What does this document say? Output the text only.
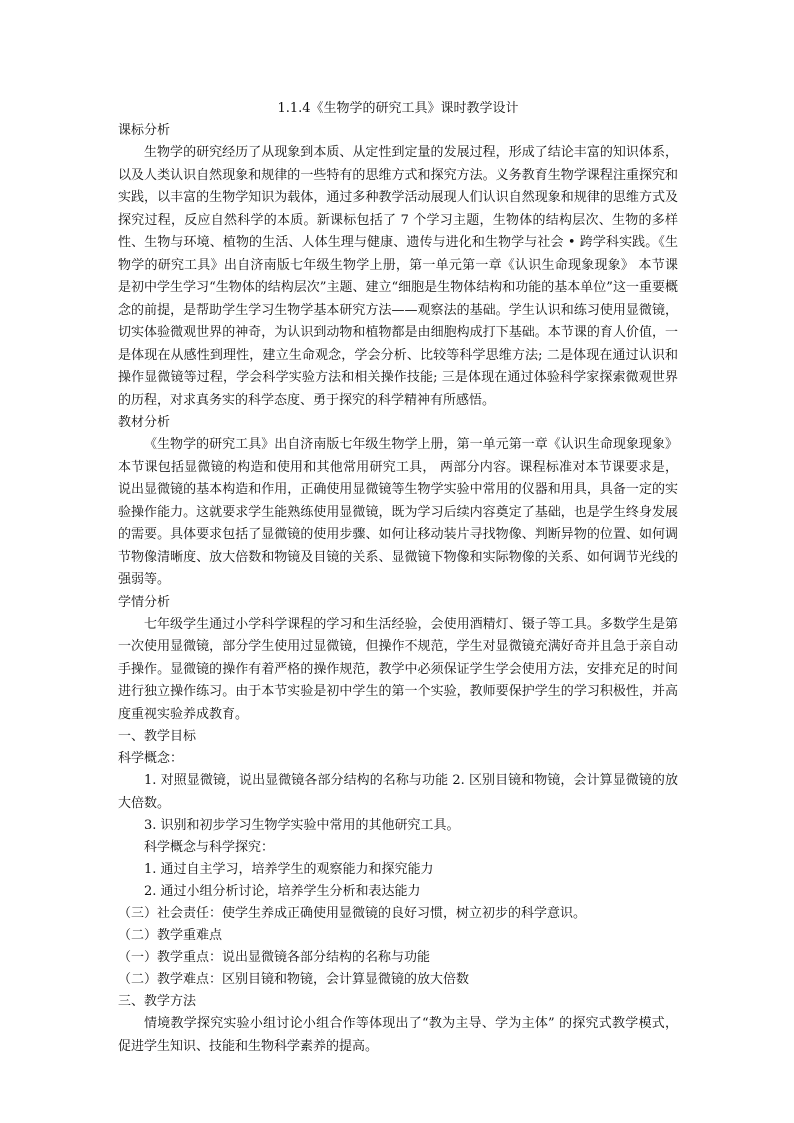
1.1.4《生物学的研究工具》课时教学设计

课标分析

生物学的研究经历了从现象到本质、从定性到定量的发展过程，形成了结论丰富的知识体系，以及人类认识自然现象和规律的一些特有的思维方式和探究方法。义务教育生物学课程注重探究和实践，以丰富的生物学知识为载体，通过多种教学活动展现人们认识自然现象和规律的思维方式及探究过程，反应自然科学的本质。新课标包括了 7 个学习主题，生物体的结构层次、生物的多样性、生物与环境、植物的生活、人体生理与健康、遗传与进化和生物学与社会 • 跨学科实践。《生物学的研究工具》出自济南版七年级生物学上册，第一单元第一章《认识生命现象现象》 本节课是初中学生学习“生物体的结构层次”主题、建立“细胞是生物体结构和功能的基本单位”这一重要概念的前提，是帮助学生学习生物学基本研究方法——观察法的基础。学生认识和练习使用显微镜，切实体验微观世界的神奇，为认识到动物和植物都是由细胞构成打下基础。本节课的育人价值，一是体现在从感性到理性，建立生命观念，学会分析、比较等科学思维方法; 二是体现在通过认识和操作显微镜等过程，学会科学实验方法和相关操作技能; 三是体现在通过体验科学家探索微观世界的历程，对求真务实的科学态度、勇于探究的科学精神有所感悟。

教材分析

《生物学的研究工具》出自济南版七年级生物学上册，第一单元第一章《认识生命现象现象》 本节课包括显微镜的构造和使用和其他常用研究工具， 两部分内容。课程标准对本节课要求是，说出显微镜的基本构造和作用，正确使用显微镜等生物学实验中常用的仪器和用具，具备一定的实验操作能力。这就要求学生能熟练使用显微镜，既为学习后续内容奠定了基础，也是学生终身发展的需要。具体要求包括了显微镜的使用步骤、如何让移动装片寻找物像、判断异物的位置、如何调节物像清晰度、放大倍数和物镜及目镜的关系、显微镜下物像和实际物像的关系、如何调节光线的强弱等。

学情分析

七年级学生通过小学科学课程的学习和生活经验，会使用酒精灯、镊子等工具。多数学生是第一次使用显微镜，部分学生使用过显微镜，但操作不规范，学生对显微镜充满好奇并且急于亲自动手操作。显微镜的操作有着严格的操作规范，教学中必须保证学生学会使用方法，安排充足的时间进行独立操作练习。由于本节实验是初中学生的第一个实验，教师要保护学生的学习积极性，并高度重视实验养成教育。

一、教学目标

科学概念：

1. 对照显微镜，说出显微镜各部分结构的名称与功能 2. 区别目镜和物镜，会计算显微镜的放大倍数。

3. 识别和初步学习生物学实验中常用的其他研究工具。

科学概念与科学探究：

1. 通过自主学习，培养学生的观察能力和探究能力

2. 通过小组分析讨论，培养学生分析和表达能力

（三）社会责任：使学生养成正确使用显微镜的良好习惯，树立初步的科学意识。

（二）教学重难点

（一）教学重点：说出显微镜各部分结构的名称与功能

（二）教学难点：区别目镜和物镜，会计算显微镜的放大倍数

三、教学方法

情境教学探究实验小组讨论小组合作等体现出了“教为主导、学为主体” 的探究式教学模式，促进学生知识、技能和生物科学素养的提高。
